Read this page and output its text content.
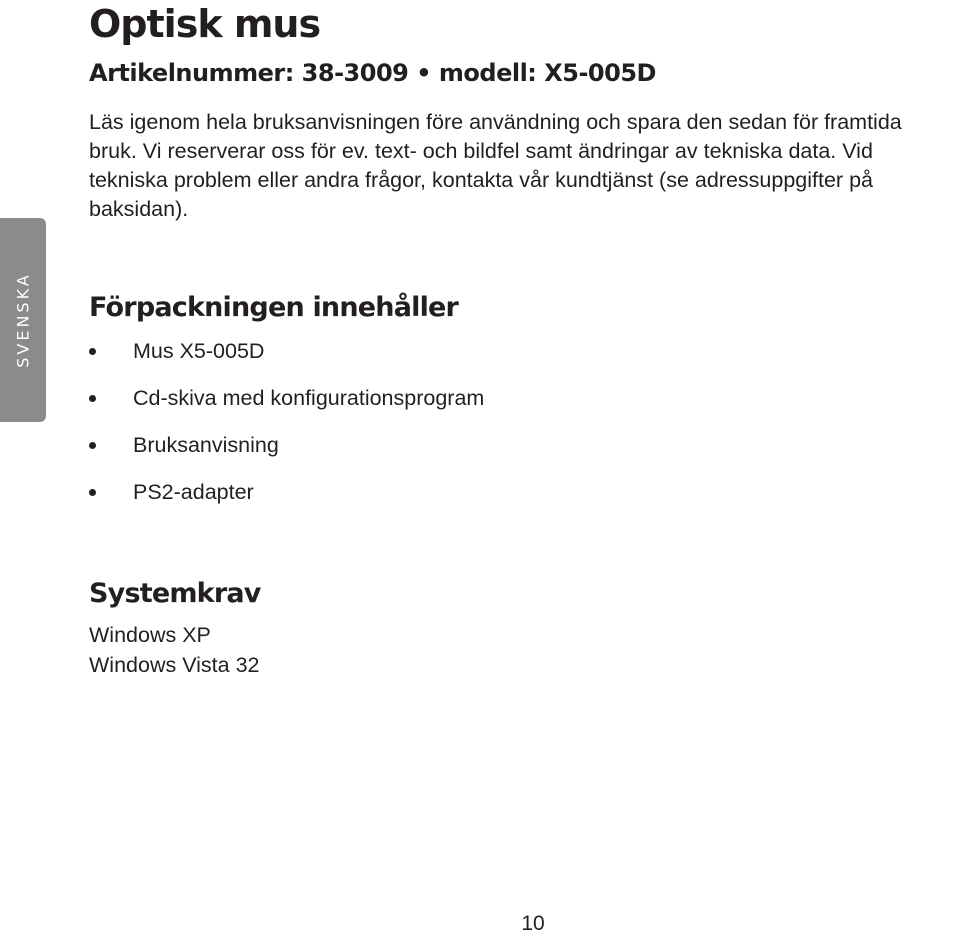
SVENSKA
Optisk mus
Artikelnummer: 38-3009 • modell: X5-005D

Läs igenom hela bruksanvisningen före användning och spara den sedan för framtida bruk. Vi reserverar oss för ev. text- och bildfel samt ändringar av tekniska data. Vid tekniska problem eller andra frågor, kontakta vår kundtjänst (se adressuppgifter på baksidan).

Förpackningen innehåller
Mus X5-005D
Cd-skiva med konfigurationsprogram
Bruksanvisning
PS2-adapter
Systemkrav
Windows XP
Windows Vista 32
10
